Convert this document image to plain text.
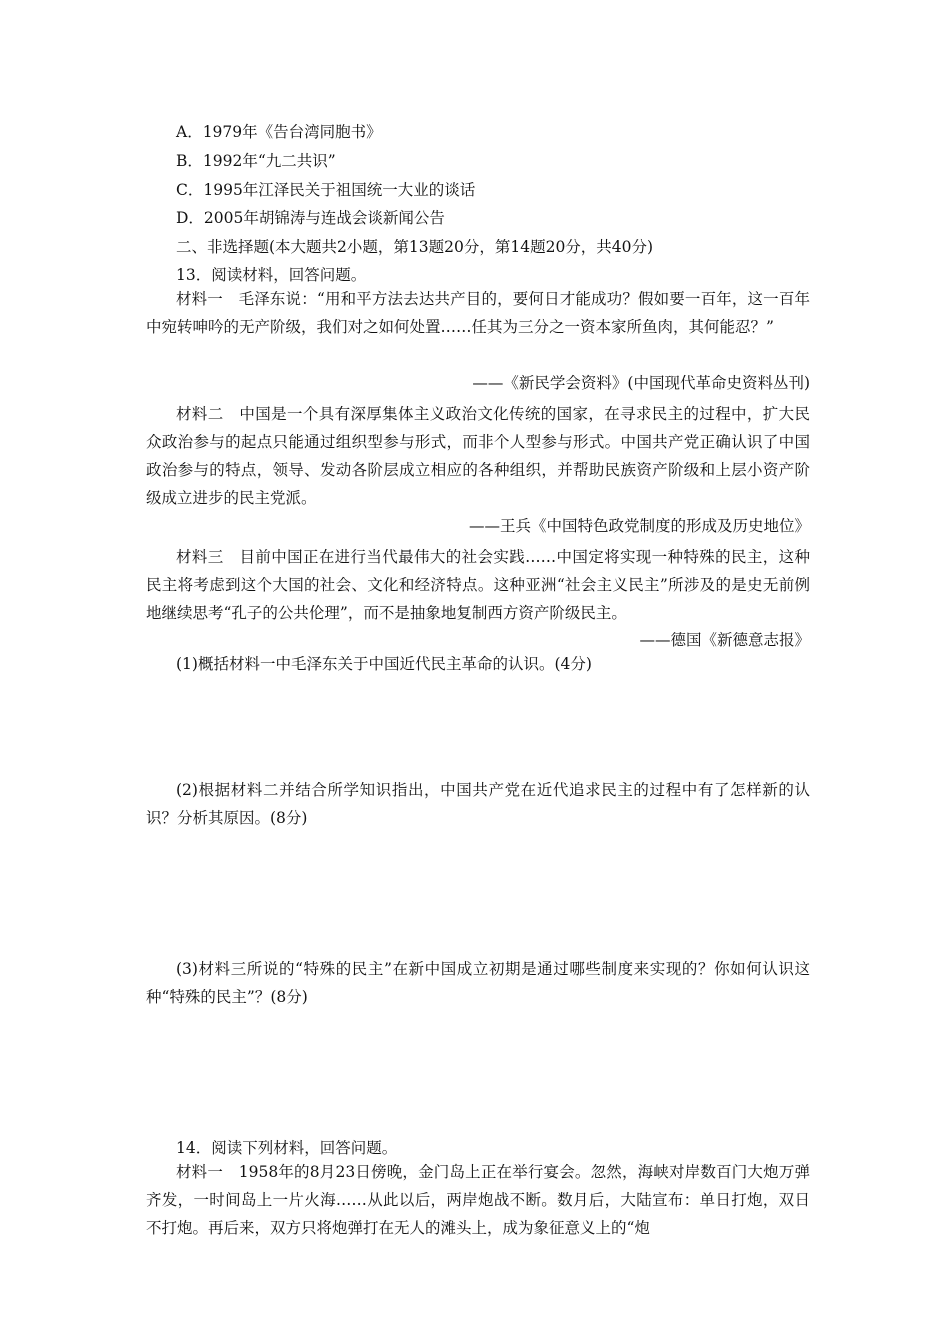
A．1979年《告台湾同胞书》
B．1992年“九二共识”
C．1995年江泽民关于祖国统一大业的谈话
D．2005年胡锦涛与连战会谈新闻公告
二、非选择题(本大题共2小题，第13题20分，第14题20分，共40分)
13．阅读材料，回答问题。
材料一　毛泽东说：“用和平方法去达共产目的，要何日才能成功？假如要一百年，这一百年中宛转呻吟的无产阶级，我们对之如何处置……任其为三分之一资本家所鱼肉，其何能忍？”
——《新民学会资料》(中国现代革命史资料丛刊)
材料二　中国是一个具有深厚集体主义政治文化传统的国家，在寻求民主的过程中，扩大民众政治参与的起点只能通过组织型参与形式，而非个人型参与形式。中国共产党正确认识了中国政治参与的特点，领导、发动各阶层成立相应的各种组织，并帮助民族资产阶级和上层小资产阶级成立进步的民主党派。
——王兵《中国特色政党制度的形成及历史地位》
材料三　目前中国正在进行当代最伟大的社会实践……中国定将实现一种特殊的民主，这种民主将考虑到这个大国的社会、文化和经济特点。这种亚洲“社会主义民主”所涉及的是史无前例地继续思考“孔子的公共伦理”，而不是抽象地复制西方资产阶级民主。
——德国《新德意志报》
(1)概括材料一中毛泽东关于中国近代民主革命的认识。(4分)
(2)根据材料二并结合所学知识指出，中国共产党在近代追求民主的过程中有了怎样新的认识？分析其原因。(8分)
(3)材料三所说的“特殊的民主”在新中国成立初期是通过哪些制度来实现的？你如何认识这种“特殊的民主”？(8分)
14．阅读下列材料，回答问题。
材料一　1958年的8月23日傍晚，金门岛上正在举行宴会。忽然，海峡对岸数百门大炮万弹齐发，一时间岛上一片火海……从此以后，两岸炮战不断。数月后，大陆宣布：单日打炮，双日不打炮。再后来，双方只将炮弹打在无人的滩头上，成为象征意义上的“炮
